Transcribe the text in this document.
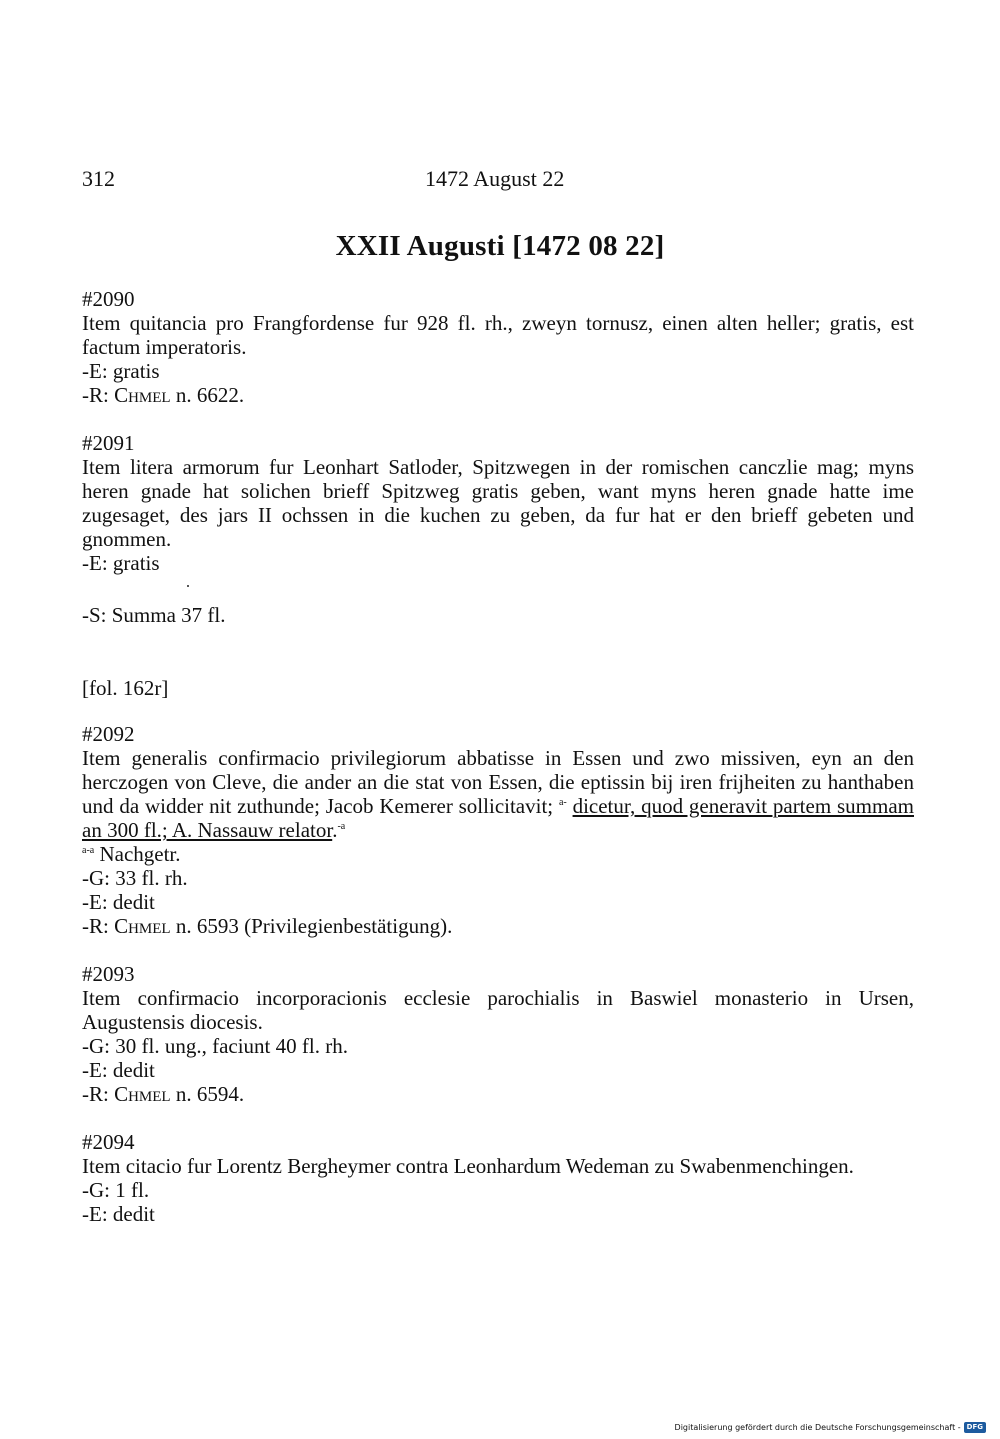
312	1472 August 22
XXII Augusti [1472 08 22]
#2090

Item quitancia pro Frangfordense fur 928 fl. rh., zweyn tornusz, einen alten heller; gratis, est factum imperatoris.

-E: gratis
-R: Chmel n. 6622.
#2091

Item litera armorum fur Leonhart Satloder, Spitzwegen in der romischen canczlie mag; myns heren gnade hat solichen brieff Spitzweg gratis geben, want myns heren gnade hatte ime zugesaget, des jars II ochssen in die kuchen zu geben, da fur hat er den brieff gebeten und gnommen.

-E: gratis
-S: Summa 37 fl.
[fol. 162r]
#2092

Item generalis confirmacio privilegiorum abbatisse in Essen und zwo missiven, eyn an den herczogen von Cleve, die ander an die stat von Essen, die eptissin bij iren frijheiten zu hanthaben und da widder nit zuthunde; Jacob Kemerer sollicitavit; $^{a-}$ dicetur, quod generavit partem summam an 300 fl.; A. Nassauw relator.$^{-a}$

$^{a-a}$ Nachgetr.
-G: 33 fl. rh.
-E: dedit
-R: Chmel n. 6593 (Privilegienbestätigung).
#2093

Item confirmacio incorporacionis ecclesie parochialis in Baswiel monasterio in Ursen, Augustensis diocesis.

-G: 30 fl. ung., faciunt 40 fl. rh.
-E: dedit
-R: Chmel n. 6594.
#2094

Item citacio fur Lorentz Bergheymer contra Leonhardum Wedeman zu Swabenmenchingen.

-G: 1 fl.
-E: dedit
Digitalisierung gefördert durch die Deutsche Forschungsgemeinschaft - DFG
